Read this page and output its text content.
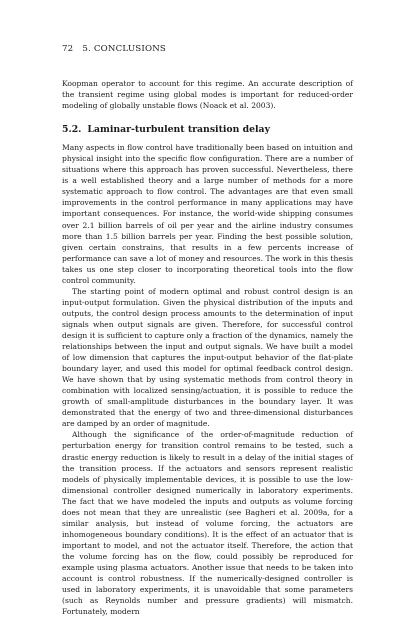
72 5. CONCLUSIONS

Koopman operator to account for this regime. An accurate description of the transient regime using global modes is important for reduced-order modeling of globally unstable flows (Noack et al. 2003).

5.2. Laminar-turbulent transition delay

Many aspects in flow control have traditionally been based on intuition and physical insight into the specific flow configuration. There are a number of situations where this approach has proven successful. Nevertheless, there is a well established theory and a large number of methods for a more systematic approach to flow control. The advantages are that even small improvements in the control performance in many applications may have important consequences. For instance, the world-wide shipping consumes over 2.1 billion barrels of oil per year and the airline industry consumes more than 1.5 billion barrels per year. Finding the best possible solution, given certain constrains, that results in a few percents increase of performance can save a lot of money and resources. The work in this thesis takes us one step closer to incorporating theoretical tools into the flow control community.

The starting point of modern optimal and robust control design is an input-output formulation. Given the physical distribution of the inputs and outputs, the control design process amounts to the determination of input signals when output signals are given. Therefore, for successful control design it is sufficient to capture only a fraction of the dynamics, namely the relationships between the input and output signals. We have built a model of low dimension that captures the input-output behavior of the flat-plate boundary layer, and used this model for optimal feedback control design. We have shown that by using systematic methods from control theory in combination with localized sensing/actuation, it is possible to reduce the growth of small-amplitude disturbances in the boundary layer. It was demonstrated that the energy of two and three-dimensional disturbances are damped by an order of magnitude.

Although the significance of the order-of-magnitude reduction of perturbation energy for transition control remains to be tested, such a drastic energy reduction is likely to result in a delay of the initial stages of the transition process. If the actuators and sensors represent realistic models of physically implementable devices, it is possible to use the low-dimensional controller designed numerically in laboratory experiments. The fact that we have modeled the inputs and outputs as volume forcing does not mean that they are unrealistic (see Bagheri et al. 2009a, for a similar analysis, but instead of volume forcing, the actuators are inhomogeneous boundary conditions). It is the effect of an actuator that is important to model, and not the actuator itself. Therefore, the action that the volume forcing has on the flow, could possibly be reproduced for example using plasma actuators. Another issue that needs to be taken into account is control robustness. If the numerically-designed controller is used in laboratory experiments, it is unavoidable that some parameters (such as Reynolds number and pressure gradients) will mismatch. Fortunately, modern
